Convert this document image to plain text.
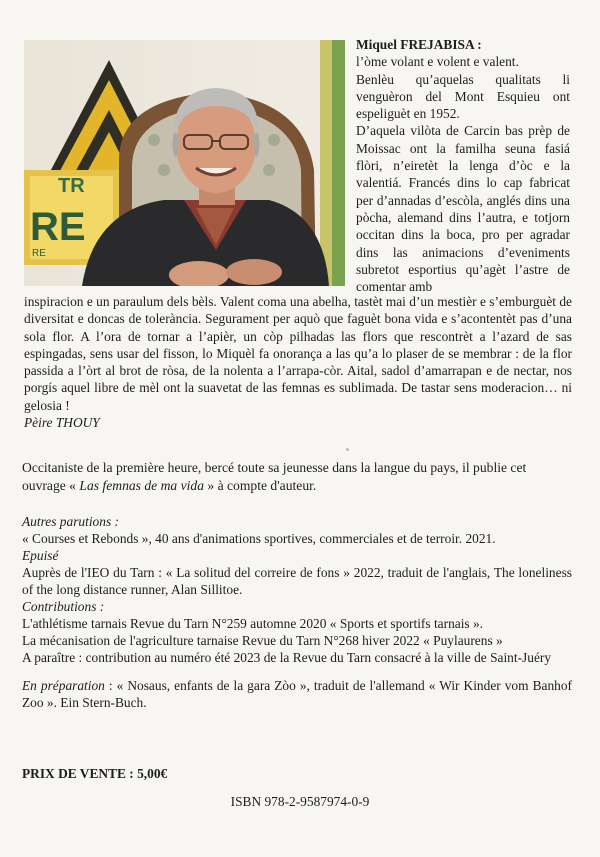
TR
RE
RE

Miquel FREJABISA :

l’òme volant e volent e valent.

Benlèu qu’aquelas qualitats li venguèron del Mont Esquieu ont espeliguèt en 1952.

D’aquela vilòta de Carcin bas prèp de Moissac ont la familha seuna fasiá flòri, n’eiretèt la lenga d’òc e la valentiá. Francés dins lo cap fabricat per d’annadas d’escòla, anglés dins una pòcha, alemand dins l’autra, e totjorn occitan dins la boca, pro per agradar dins las animacions d’eveniments subretot esportius qu’agèt l’astre de comentar amb

inspiracion e un paraulum dels bèls. Valent coma una abelha, tastèt mai d’un mestièr e s’emburguèt de diversitat e doncas de tolerància. Segurament per aquò que faguèt bona vida e s’acontentèt pas d’una sola flor. A l’ora de tornar a l’apièr, un còp pilhadas las flors que rescontrèt a l’azard de sas espingadas, sens usar del fisson, lo Miquèl fa onorança a las qu’a lo plaser de se membrar : de la flor passida a l’òrt al brot de ròsa, de la nolenta a l’arrapa-còr. Aital, sadol d’amarrapan e de nectar, nos porgís aquel libre de mèl ont la suavetat de las femnas es sublimada. De tastar sens moderacion… ni gelosia !

Pèire THOUY

Occitaniste de la première heure, bercé toute sa jeunesse dans la langue du pays, il publie cet ouvrage « Las femnas de ma vida » à compte d'auteur.

Autres parutions :

« Courses et Rebonds », 40 ans d'animations sportives, commerciales et de terroir. 2021.

Epuisé

Auprès de l'IEO du Tarn : « La solitud del correire de fons » 2022, traduit de l'anglais, The loneliness of the long distance runner, Alan Sillitoe.

Contributions :

L'athlétisme tarnais Revue du Tarn N°259 automne 2020 « Sports et sportifs tarnais ».

La mécanisation de l'agriculture tarnaise Revue du Tarn N°268 hiver 2022 « Puylaurens »

A paraître : contribution au numéro été 2023 de la Revue du Tarn consacré à la ville de Saint-Juéry

En préparation : « Nosaus, enfants de la gara Zòo », traduit de l'allemand « Wir Kinder vom Banhof Zoo ». Ein Stern-Buch.

PRIX DE VENTE : 5,00€
ISBN 978-2-9587974-0-9
